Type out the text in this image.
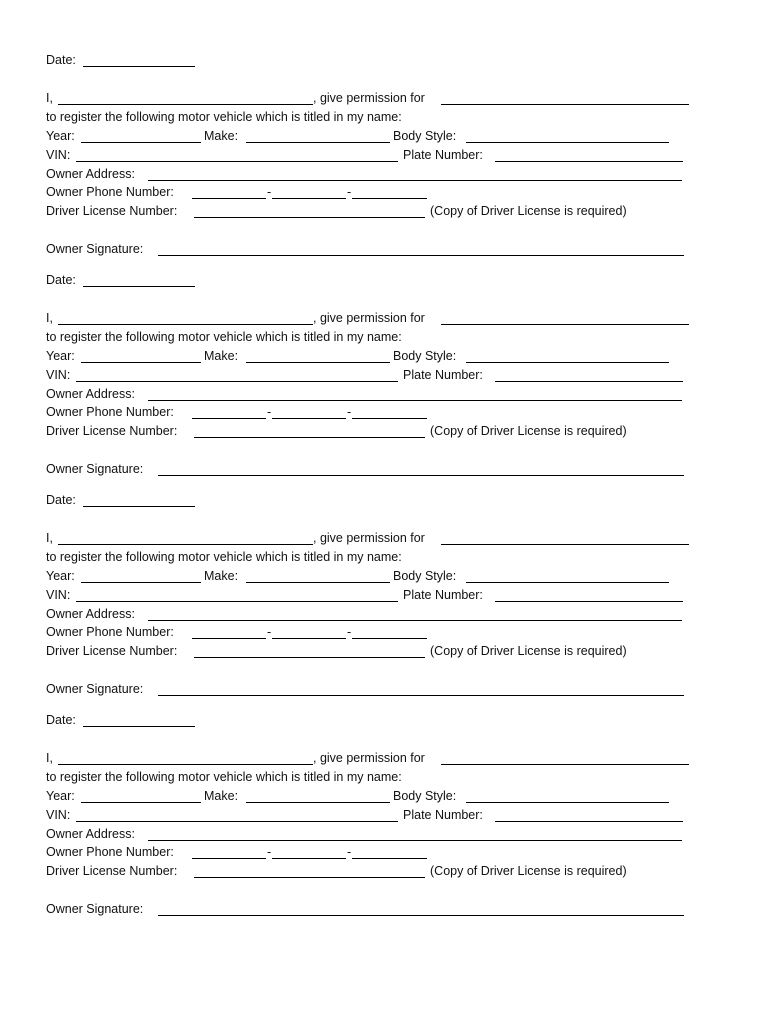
Date:
I,	, give permission for
to register the following motor vehicle which is titled in my name:
Year:	Make:	Body Style:
VIN:	Plate Number:
Owner Address:
Owner Phone Number:	-	-
Driver License Number:	(Copy of Driver License is required)
Owner Signature:
Date:
I,	, give permission for
to register the following motor vehicle which is titled in my name:
Year:	Make:	Body Style:
VIN:	Plate Number:
Owner Address:
Owner Phone Number:	-	-
Driver License Number:	(Copy of Driver License is required)
Owner Signature:
Date:
I,	, give permission for
to register the following motor vehicle which is titled in my name:
Year:	Make:	Body Style:
VIN:	Plate Number:
Owner Address:
Owner Phone Number:	-	-
Driver License Number:	(Copy of Driver License is required)
Owner Signature:
Date:
I,	, give permission for
to register the following motor vehicle which is titled in my name:
Year:	Make:	Body Style:
VIN:	Plate Number:
Owner Address:
Owner Phone Number:	-	-
Driver License Number:	(Copy of Driver License is required)
Owner Signature:
